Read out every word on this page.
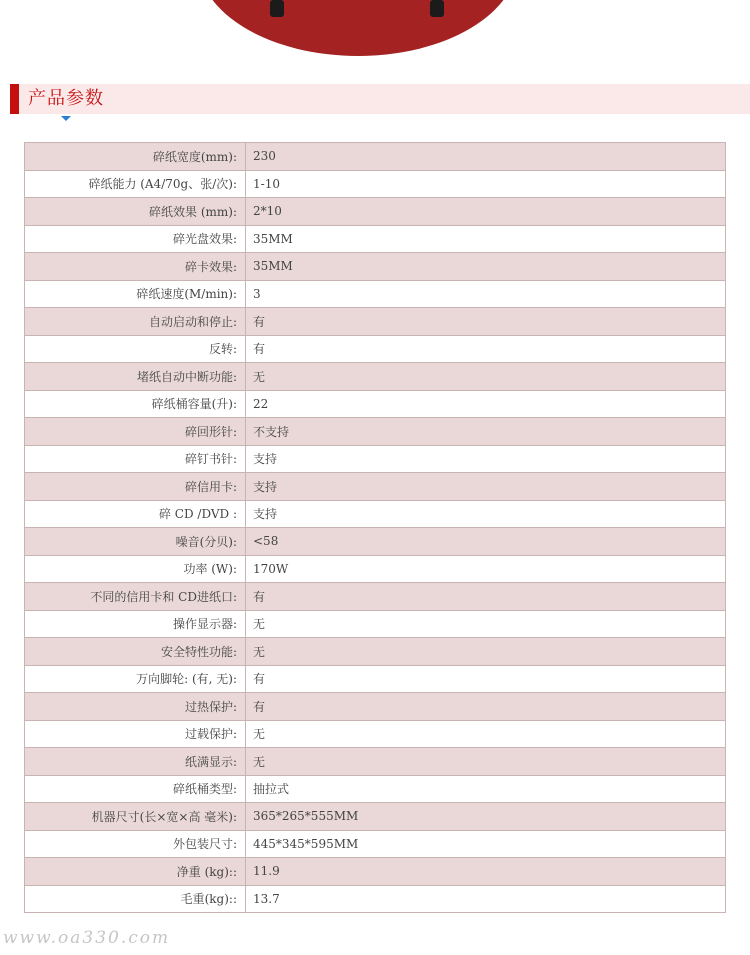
产品参数
碎纸宽度(mm):	230
碎纸能力 (A4/70g、张/次):	1-10
碎纸效果 (mm):	2*10
碎光盘效果:	35MM
碎卡效果:	35MM
碎纸速度(M/min):	3
自动启动和停止:	有
反转:	有
堵纸自动中断功能:	无
碎纸桶容量(升):	22
碎回形针:	不支持
碎钉书针:	支持
碎信用卡:	支持
碎 CD /DVD :	支持
噪音(分贝):	<58
功率 (W):	170W
不同的信用卡和 CD进纸口:	有
操作显示器:	无
安全特性功能:	无
万向脚轮: (有, 无):	有
过热保护:	有
过载保护:	无
纸满显示:	无
碎纸桶类型:	抽拉式
机器尺寸(长×宽×高 毫米):	365*265*555MM
外包装尺寸:	445*345*595MM
净重 (kg)::	11.9
毛重(kg)::	13.7
www.oa330.com
